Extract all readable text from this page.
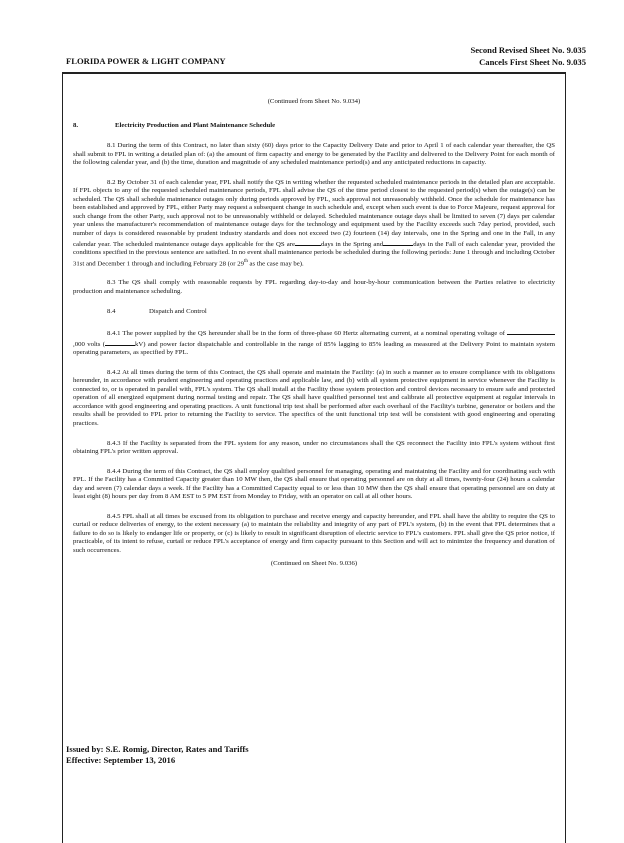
Second Revised Sheet No. 9.035
Cancels First Sheet No. 9.035
FLORIDA POWER & LIGHT COMPANY
(Continued from Sheet No. 9.034)
8.	Electricity Production and Plant Maintenance Schedule

8.1 During the term of this Contract, no later than sixty (60) days prior to the Capacity Delivery Date and prior to April 1 of each calendar year thereafter, the QS shall submit to FPL in writing a detailed plan of: (a) the amount of firm capacity and energy to be generated by the Facility and delivered to the Delivery Point for each month of the following calendar year, and (b) the time, duration and magnitude of any scheduled maintenance period(s) and any anticipated reductions in capacity.

8.2 By October 31 of each calendar year, FPL shall notify the QS in writing whether the requested scheduled maintenance periods in the detailed plan are acceptable. If FPL objects to any of the requested scheduled maintenance periods, FPL shall advise the QS of the time period closest to the requested period(s) when the outage(s) can be scheduled. The QS shall schedule maintenance outages only during periods approved by FPL, such approval not unreasonably withheld. Once the schedule for maintenance has been established and approved by FPL, either Party may request a subsequent change in such schedule and, except when such event is due to Force Majeure, request approval for such change from the other Party, such approval not to be unreasonably withheld or delayed. Scheduled maintenance outage days shall be limited to seven (7) days per calendar year unless the manufacturer's recommendation of maintenance outage days for the technology and equipment used by the Facility exceeds such 7day period, provided, such number of days is considered reasonable by prudent industry standards and does not exceed two (2) fourteen (14) day intervals, one in the Spring and one in the Fall, in any calendar year. The scheduled maintenance outage days applicable for the QS are	days in the Spring and	days in the Fall of each calendar year, provided the conditions specified in the previous sentence are satisfied. In no event shall maintenance periods be scheduled during the following periods: June 1 through and including October 31st and December 1 through and including February 28 (or 29th as the case may be).

8.3 The QS shall comply with reasonable requests by FPL regarding day-to-day and hour-by-hour communication between the Parties relative to electricity production and maintenance scheduling.

8.4	Dispatch and Control

8.4.1 The power supplied by the QS hereunder shall be in the form of three-phase 60 Hertz alternating current, at a nominal operating voltage of ,000 volts (	kV) and power factor dispatchable and controllable in the range of 85% lagging to 85% leading as measured at the Delivery Point to maintain system operating parameters, as specified by FPL.

8.4.2 At all times during the term of this Contract, the QS shall operate and maintain the Facility: (a) in such a manner as to ensure compliance with its obligations hereunder, in accordance with prudent engineering and operating practices and applicable law, and (b) with all system protective equipment in service whenever the Facility is connected to, or is operated in parallel with, FPL's system. The QS shall install at the Facility those system protection and control devices necessary to ensure safe and protected operation of all energized equipment during normal testing and repair. The QS shall have qualified personnel test and calibrate all protective equipment at regular intervals in accordance with good engineering and operating practices. A unit functional trip test shall be performed after each overhaul of the Facility's turbine, generator or boilers and the results shall be provided to FPL prior to returning the Facility to service. The specifics of the unit functional trip test will be consistent with good engineering and operating practices.

8.4.3 If the Facility is separated from the FPL system for any reason, under no circumstances shall the QS reconnect the Facility into FPL's system without first obtaining FPL's prior written approval.

8.4.4 During the term of this Contract, the QS shall employ qualified personnel for managing, operating and maintaining the Facility and for coordinating such with FPL. If the Facility has a Committed Capacity greater than 10 MW then, the QS shall ensure that operating personnel are on duty at all times, twenty-four (24) hours a calendar day and seven (7) calendar days a week. If the Facility has a Committed Capacity equal to or less than 10 MW then the QS shall ensure that operating personnel are on duty at least eight (8) hours per day from 8 AM EST to 5 PM EST from Monday to Friday, with an operator on call at all other hours.

8.4.5 FPL shall at all times be excused from its obligation to purchase and receive energy and capacity hereunder, and FPL shall have the ability to require the QS to curtail or reduce deliveries of energy, to the extent necessary (a) to maintain the reliability and integrity of any part of FPL's system, (b) in the event that FPL determines that a failure to do so is likely to endanger life or property, or (c) is likely to result in significant disruption of electric service to FPL's customers. FPL shall give the QS prior notice, if practicable, of its intent to refuse, curtail or reduce FPL's acceptance of energy and firm capacity pursuant to this Section and will act to minimize the frequency and duration of such occurrences.

(Continued on Sheet No. 9.036)
Issued by: S.E. Romig, Director, Rates and Tariffs
Effective: September 13, 2016
